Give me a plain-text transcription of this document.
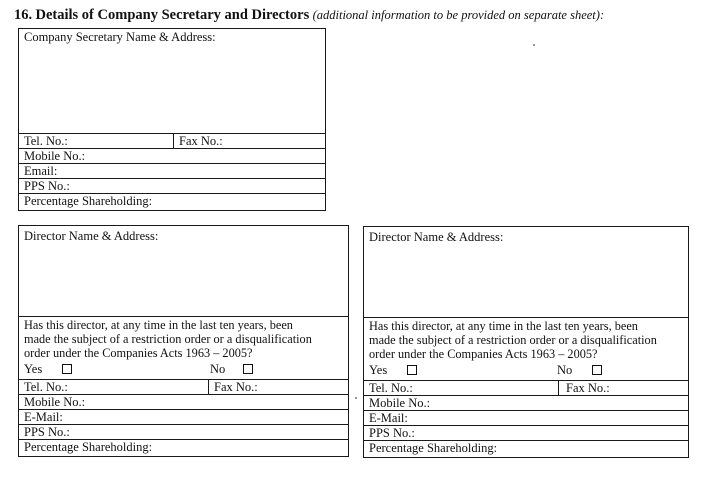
16. Details of Company Secretary and Directors (additional information to be provided on separate sheet):
Company Secretary Name & Address:
Tel. No.:	Fax No.:
Mobile No.:
Email:
PPS No.:
Percentage Shareholding:
Director Name & Address:
Has this director, at any time in the last ten years, been
made the subject of a restriction order or a disqualification
order under the Companies Acts 1963 – 2005?
Yes	No
Tel. No.:	Fax No.:
Mobile No.:
E-Mail:
PPS No.:
Percentage Shareholding:
Director Name & Address:
Has this director, at any time in the last ten years, been
made the subject of a restriction order or a disqualification
order under the Companies Acts 1963 – 2005?
Yes	No
Tel. No.:	Fax No.:
Mobile No.:
E-Mail:
PPS No.:
Percentage Shareholding:
